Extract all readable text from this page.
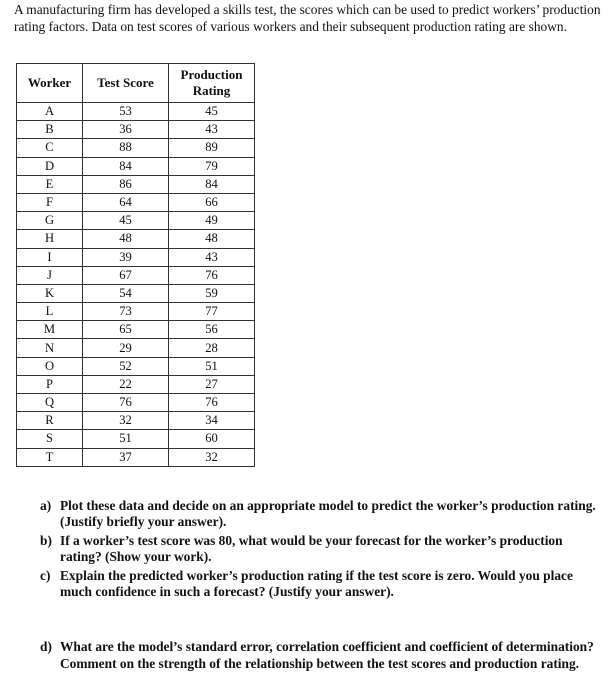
A manufacturing firm has developed a skills test, the scores which can be used to predict workers’ production rating factors. Data on test scores of various workers and their subsequent production rating are shown.

Worker	Test Score	Production Rating
A	53	45
B	36	43
C	88	89
D	84	79
E	86	84
F	64	66
G	45	49
H	48	48
I	39	43
J	67	76
K	54	59
L	73	77
M	65	56
N	29	28
O	52	51
P	22	27
Q	76	76
R	32	34
S	51	60
T	37	32
a) Plot these data and decide on an appropriate model to predict the worker’s production rating. (Justify briefly your answer).
b) If a worker’s test score was 80, what would be your forecast for the worker’s production rating? (Show your work).
c) Explain the predicted worker’s production rating if the test score is zero. Would you place much confidence in such a forecast? (Justify your answer).
d) What are the model’s standard error, correlation coefficient and coefficient of determination? Comment on the strength of the relationship between the test scores and production rating.
